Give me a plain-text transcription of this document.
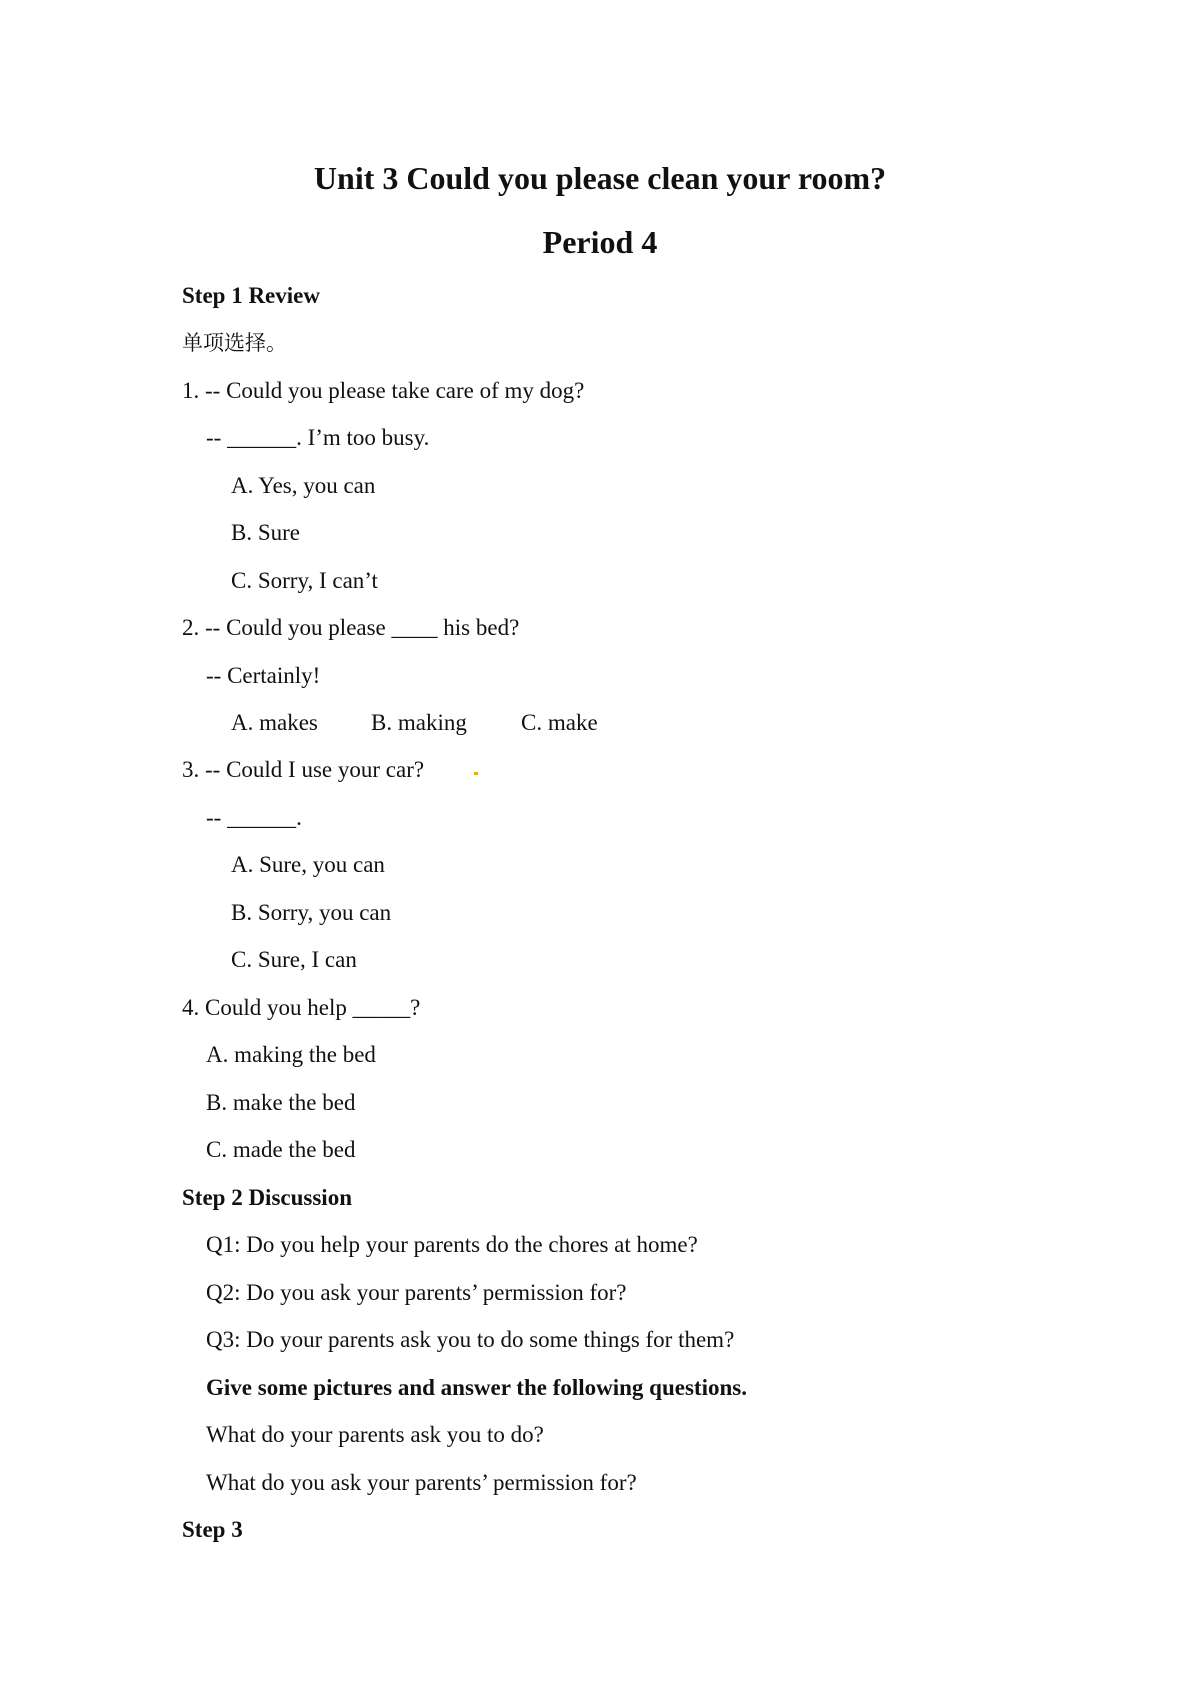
Unit 3 Could you please clean your room?
Period 4
Step 1 Review
单项选择。
1. -- Could you please take care of my dog?
-- ______. I’m too busy.
A. Yes, you can
B. Sure
C. Sorry, I can’t
2. -- Could you please ____ his bed?
-- Certainly!
A. makes B. making C. make
3. -- Could I use your car?
-- ______.
A. Sure, you can
B. Sorry, you can
C. Sure, I can
4. Could you help _____?
A. making the bed
B. make the bed
C. made the bed
Step 2 Discussion
Q1: Do you help your parents do the chores at home?
Q2: Do you ask your parents’ permission for?
Q3: Do your parents ask you to do some things for them?
Give some pictures and answer the following questions.
What do your parents ask you to do?
What do you ask your parents’ permission for?
Step 3
